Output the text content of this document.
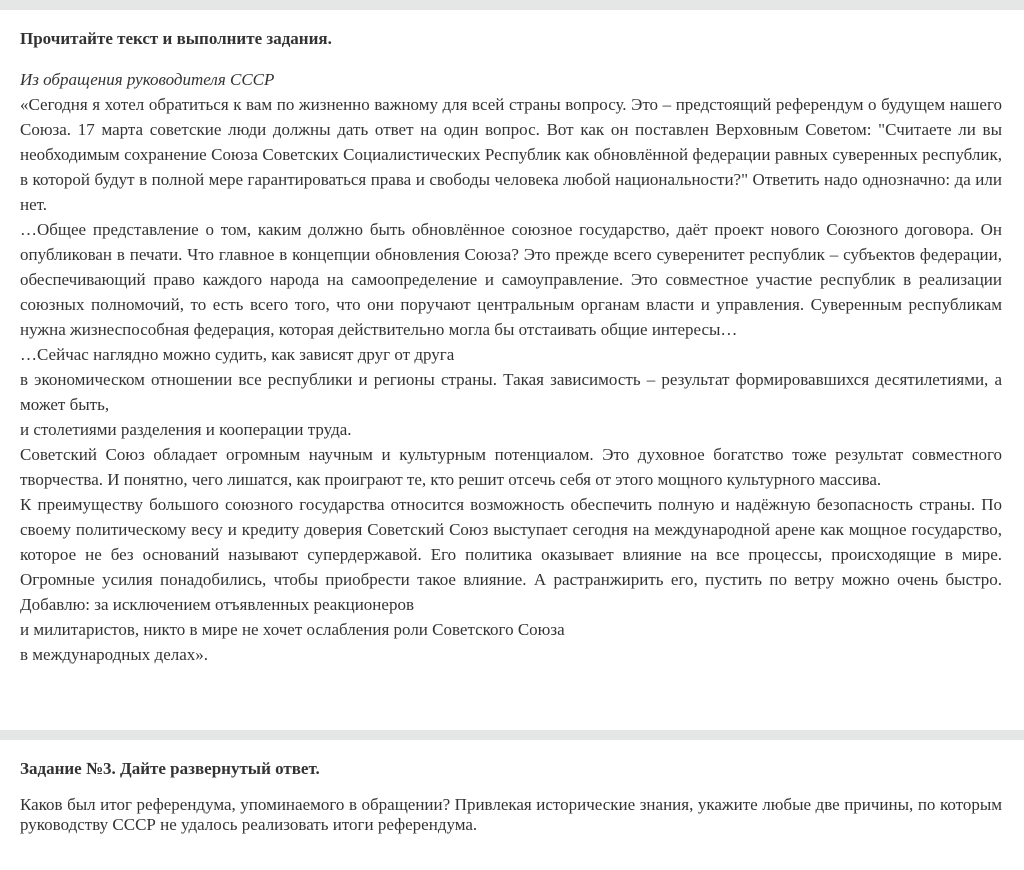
Прочитайте текст и выполните задания.

Из обращения руководителя СССР

«Сегодня я хотел обратиться к вам по жизненно важному для всей страны вопросу. Это – предстоящий референдум о будущем нашего Союза. 17 марта советские люди должны дать ответ на один вопрос. Вот как он поставлен Верховным Советом: "Считаете ли вы необходимым сохранение Союза Советских Социалистических Республик как обновлённой федерации равных суверенных республик, в которой будут в полной мере гарантироваться права и свободы человека любой национальности?" Ответить надо однозначно: да или нет.

…Общее представление о том, каким должно быть обновлённое союзное государство, даёт проект нового Союзного договора. Он опубликован в печати. Что главное в концепции обновления Союза? Это прежде всего суверенитет республик – субъектов федерации, обеспечивающий право каждого народа на самоопределение и самоуправление. Это совместное участие республик в реализации союзных полномочий, то есть всего того, что они поручают центральным органам власти и управления. Суверенным республикам нужна жизнеспособная федерация, которая действительно могла бы отстаивать общие интересы…

…Сейчас наглядно можно судить, как зависят друг от друга

в экономическом отношении все республики и регионы страны. Такая зависимость – результат формировавшихся десятилетиями, а может быть,

и столетиями разделения и кооперации труда.

Советский Союз обладает огромным научным и культурным потенциалом. Это духовное богатство тоже результат совместного творчества. И понятно, чего лишатся, как проиграют те, кто решит отсечь себя от этого мощного культурного массива.

К преимуществу большого союзного государства относится возможность обеспечить полную и надёжную безопасность страны. По своему политическому весу и кредиту доверия Советский Союз выступает сегодня на международной арене как мощное государство, которое не без оснований называют супердержавой. Его политика оказывает влияние на все процессы, происходящие в мире. Огромные усилия понадобились, чтобы приобрести такое влияние. А растранжирить его, пустить по ветру можно очень быстро. Добавлю: за исключением отъявленных реакционеров

и милитаристов, никто в мире не хочет ослабления роли Советского Союза

в международных делах».

Задание №3. Дайте развернутый ответ.

Каков был итог референдума, упоминаемого в обращении? Привлекая исторические знания, укажите любые две причины, по которым руководству СССР не удалось реализовать итоги референдума.
